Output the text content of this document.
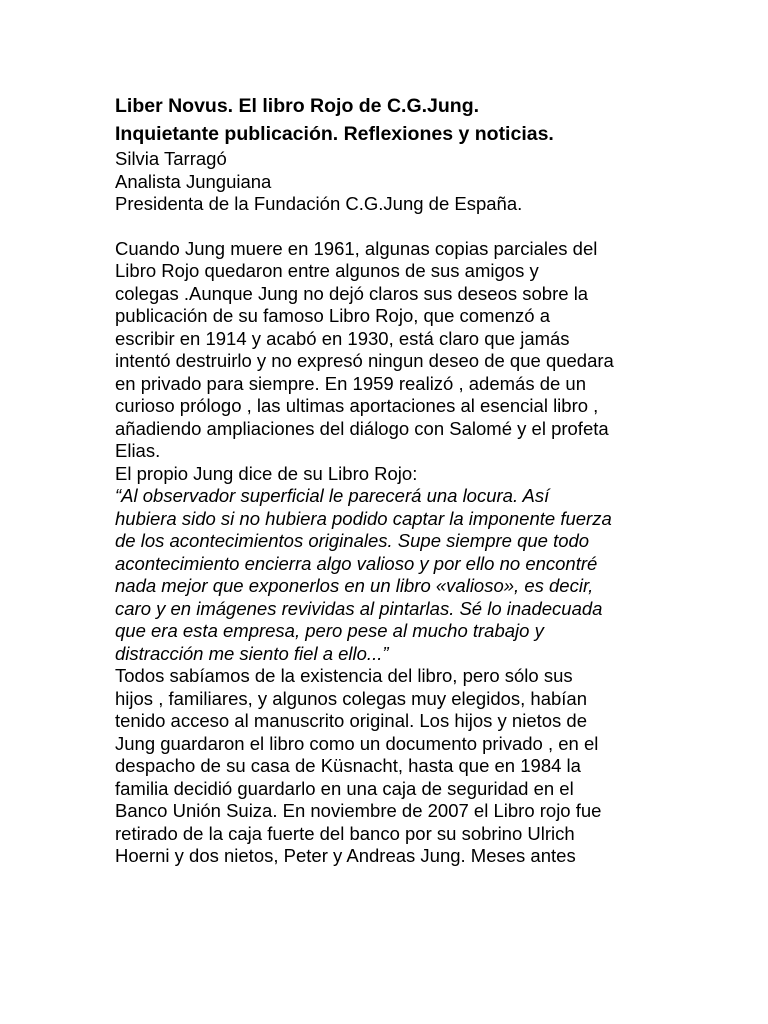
Liber Novus. El libro Rojo de C.G.Jung.
Inquietante publicación. Reflexiones y noticias.
Silvia Tarragó
Analista Junguiana
Presidenta de la Fundación C.G.Jung de España.
Cuando Jung muere en 1961, algunas copias parciales del
Libro Rojo quedaron entre algunos de sus amigos y
colegas .Aunque Jung no dejó claros sus deseos sobre la
publicación de su famoso Libro Rojo, que comenzó a
escribir en 1914 y acabó en 1930, está claro que jamás
intentó destruirlo y no expresó ningun deseo de que quedara
en privado para siempre. En 1959 realizó , además de un
curioso prólogo , las ultimas aportaciones al esencial libro ,
añadiendo ampliaciones del diálogo con Salomé y el profeta
Elias.
El propio Jung dice de su Libro Rojo:
“Al observador superficial le parecerá una locura. Así
hubiera sido si no hubiera podido captar la imponente fuerza
de los acontecimientos originales. Supe siempre que todo
acontecimiento encierra algo valioso y por ello no encontré
nada mejor que exponerlos en un libro «valioso», es decir,
caro y en imágenes revividas al pintarlas. Sé lo inadecuada
que era esta empresa, pero pese al mucho trabajo y
distracción me siento fiel a ello...”
Todos sabíamos de la existencia del libro, pero sólo sus
hijos , familiares, y algunos colegas muy elegidos, habían
tenido acceso al manuscrito original. Los hijos y nietos de
Jung guardaron el libro como un documento privado , en el
despacho de su casa de Küsnacht, hasta que en 1984 la
familia decidió guardarlo en una caja de seguridad en el
Banco Unión Suiza. En noviembre de 2007 el Libro rojo fue
retirado de la caja fuerte del banco por su sobrino Ulrich
Hoerni y dos nietos, Peter y Andreas Jung. Meses antes
